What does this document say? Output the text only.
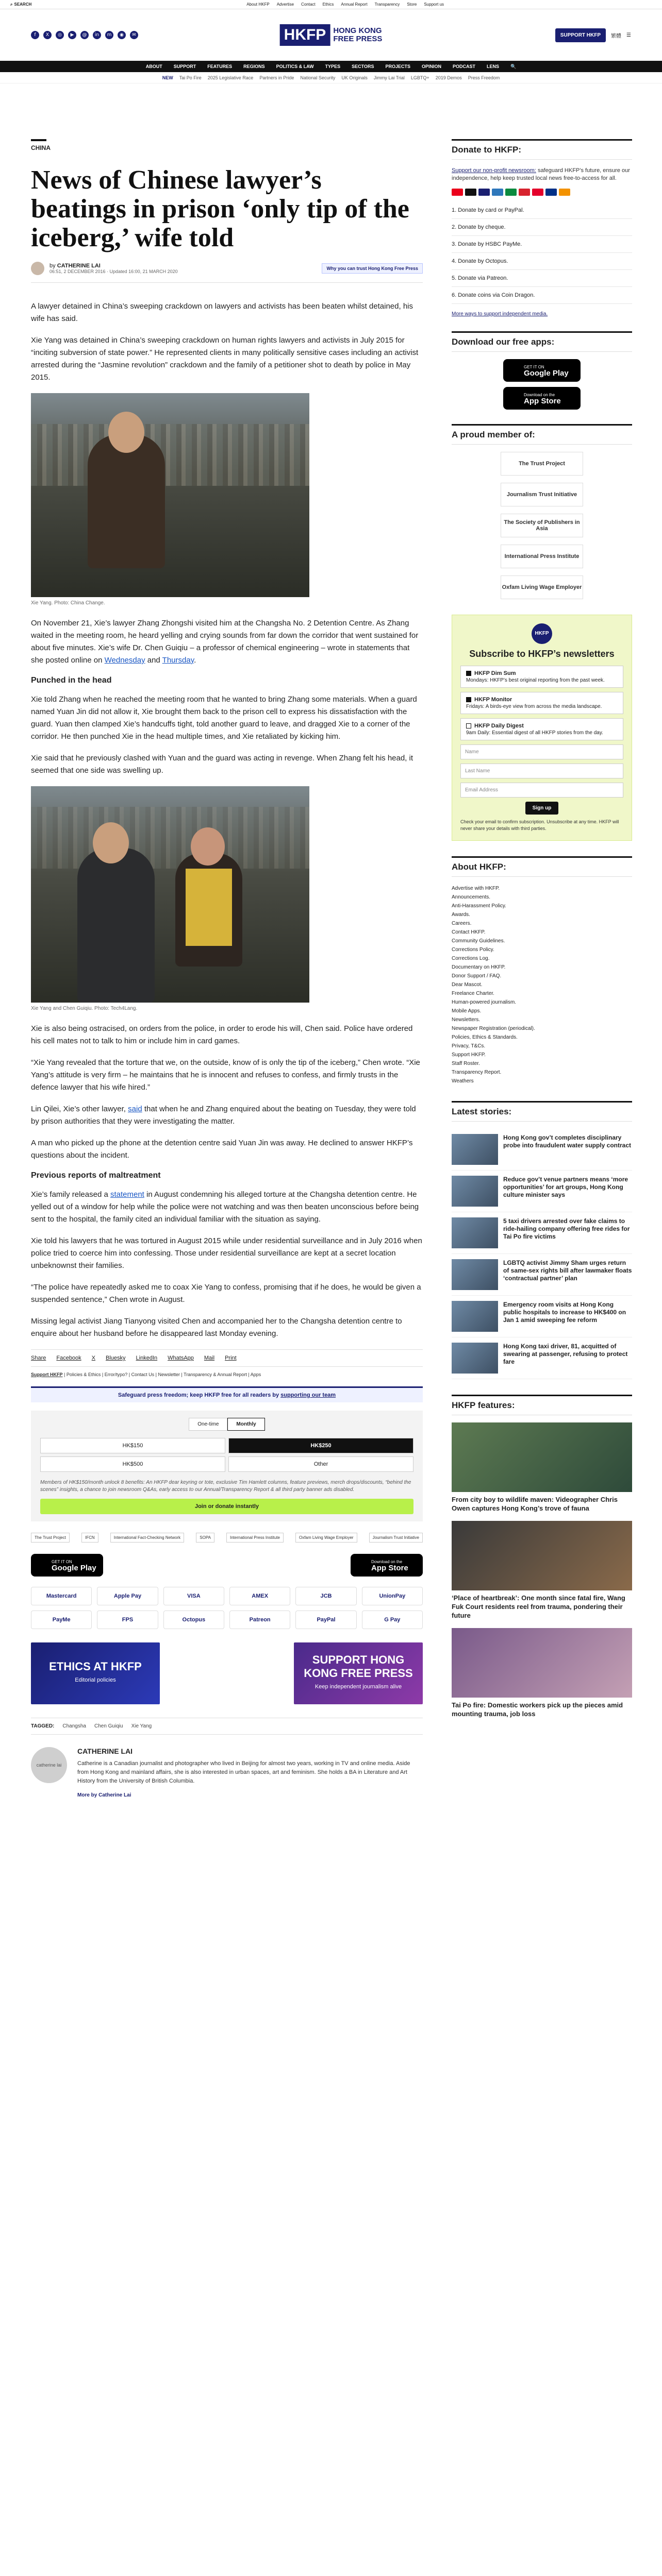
⌕ SEARCH	About HKFP Advertise Contact Ethics Annual Report Transparency Store Support us
f	X	◎	▶	@	in	m	◉	✉	HKFP HONG KONG
FREE PRESS	SUPPORT HKFP	繁體 ☰
ABOUT SUPPORT FEATURES REGIONS POLITICS & LAW TYPES SECTORS PROJECTS OPINION PODCAST LENS 🔍
NEW Tai Po Fire 2025 Legislative Race Partners in Pride National Security UK Originals Jimmy Lai Trial LGBTQ+ 2019 Demos Press Freedom
CHINA
News of Chinese lawyer’s beatings in prison ‘only tip of the iceberg,’ wife told
by CATHERINE LAI
06:51, 2 DECEMBER 2016 · Updated 16:00, 21 MARCH 2020
Why you can trust Hong Kong Free Press

A lawyer detained in China’s sweeping crackdown on lawyers and activists has been beaten whilst detained, his wife has said.

Xie Yang was detained in China’s sweeping crackdown on human rights lawyers and activists in July 2015 for “inciting subversion of state power.” He represented clients in many politically sensitive cases including an activist arrested during the “Jasmine revolution” crackdown and the family of a petitioner shot to death by police in May 2015.

Xie Yang. Photo: China Change.

On November 21, Xie’s lawyer Zhang Zhongshi visited him at the Changsha No. 2 Detention Centre. As Zhang waited in the meeting room, he heard yelling and crying sounds from far down the corridor that went sustained for about five minutes. Xie’s wife Dr. Chen Guiqiu – a professor of chemical engineering – wrote in statements that she posted online on Wednesday and Thursday.

Punched in the head

Xie told Zhang when he reached the meeting room that he wanted to bring Zhang some materials. When a guard named Yuan Jin did not allow it, Xie brought them back to the prison cell to express his dissatisfaction with the guard. Yuan then clamped Xie’s handcuffs tight, told another guard to leave, and dragged Xie to a corner of the corridor. He then punched Xie in the head multiple times, and Xie retaliated by kicking him.

Xie said that he previously clashed with Yuan and the guard was acting in revenge. When Zhang felt his head, it seemed that one side was swelling up.

Xie Yang and Chen Guiqiu. Photo: Tech4Lang.

Xie is also being ostracised, on orders from the police, in order to erode his will, Chen said. Police have ordered his cell mates not to talk to him or include him in card games.

“Xie Yang revealed that the torture that we, on the outside, know of is only the tip of the iceberg,” Chen wrote. “Xie Yang’s attitude is very firm – he maintains that he is innocent and refuses to confess, and firmly trusts in the defence lawyer that his wife hired.”

Lin Qilei, Xie’s other lawyer, said that when he and Zhang enquired about the beating on Tuesday, they were told by prison authorities that they were investigating the matter.

A man who picked up the phone at the detention centre said Yuan Jin was away. He declined to answer HKFP’s questions about the incident.

Previous reports of maltreatment

Xie’s family released a statement in August condemning his alleged torture at the Changsha detention centre. He yelled out of a window for help while the police were not watching and was then beaten unconscious before being sent to the hospital, the family cited an individual familiar with the situation as saying.

Xie told his lawyers that he was tortured in August 2015 while under residential surveillance and in July 2016 when police tried to coerce him into confessing. Those under residential surveillance are kept at a secret location unbeknownst their families.

“The police have repeatedly asked me to coax Xie Yang to confess, promising that if he does, he would be given a suspended sentence,” Chen wrote in August.

Missing legal activist Jiang Tianyong visited Chen and accompanied her to the Changsha detention centre to enquire about her husband before he disappeared last Monday evening.

Share Facebook X Bluesky LinkedIn WhatsApp Mail Print
Support HKFP | Policies & Ethics | Error/typo? | Contact Us | Newsletter | Transparency & Annual Report | Apps
Safeguard press freedom; keep HKFP free for all readers by supporting our team
One-time	Monthly
HK$150	HK$250
HK$500	Other

Members of HK$150/month unlock 8 benefits: An HKFP dear keyring or tote, exclusive Tim Hamlett columns, feature previews, merch drops/discounts, “behind the scenes” insights, a chance to join newsroom Q&As, early access to our Annual/Transparency Report & all third party banner ads disabled.

Join or donate instantly
The Trust Project	IFCN	International Fact-Checking Network	SOPA	International Press Institute	Oxfam Living Wage Employer	Journalism Trust Initiative
GET IT ON
Google Play
Download on the
App Store
Mastercard	Apple Pay	VISA	AMEX	JCB	UnionPay
PayMe	FPS	Octopus	Patreon	PayPal	G Pay
ETHICS AT HKFP
Editorial policies
SUPPORT HONG KONG FREE PRESS
Keep independent journalism alive
TAGGED: Changsha Chen Guiqiu Xie Yang
catherine lai
CATHERINE LAI

Catherine is a Canadian journalist and photographer who lived in Beijing for almost two years, working in TV and online media. Aside from Hong Kong and mainland affairs, she is also interested in urban spaces, art and feminism. She holds a BA in Literature and Art History from the University of British Columbia.

More by Catherine Lai
Donate to HKFP:

Support our non-profit newsroom: safeguard HKFP’s future, ensure our independence, help keep trusted local news free-to-access for all.

1. Donate by card or PayPal.
2. Donate by cheque.
3. Donate by HSBC PayMe.
4. Donate by Octopus.
5. Donate via Patreon.
6. Donate coins via Coin Dragon.
More ways to support independent media.
Download our free apps:
GET IT ON
Google Play
Download on the
App Store
A proud member of:
The Trust Project
Journalism Trust Initiative
The Society of Publishers in Asia
International Press Institute
Oxfam Living Wage Employer
HKFP
Subscribe to HKFP’s newsletters
HKFP Dim Sum
Mondays: HKFP’s best original reporting from the past week.
HKFP Monitor
Fridays: A birds-eye view from across the media landscape.
HKFP Daily Digest
9am Daily: Essential digest of all HKFP stories from the day.
Name
Last Name
Email Address
Sign up

Check your email to confirm subscription. Unsubscribe at any time. HKFP will never share your details with third parties.

About HKFP:
Advertise with HKFP.
Announcements.
Anti-Harassment Policy.
Awards.
Careers.
Contact HKFP.
Community Guidelines.
Corrections Policy.
Corrections Log.
Documentary on HKFP.
Donor Support / FAQ.
Dear Mascot.
Freelance Charter.
Human-powered journalism.
Mobile Apps.
Newsletters.
Newspaper Registration (periodical).
Policies, Ethics & Standards.
Privacy, T&Cs.
Support HKFP.
Staff Roster.
Transparency Report.
Weathers
Latest stories:
Hong Kong gov’t completes disciplinary probe into fraudulent water supply contract
Reduce gov’t venue partners means ‘more opportunities’ for art groups, Hong Kong culture minister says
5 taxi drivers arrested over fake claims to ride-hailing company offering free rides for Tai Po fire victims
LGBTQ activist Jimmy Sham urges return of same-sex rights bill after lawmaker floats ‘contractual partner’ plan
Emergency room visits at Hong Kong public hospitals to increase to HK$400 on Jan 1 amid sweeping fee reform
Hong Kong taxi driver, 81, acquitted of swearing at passenger, refusing to protect fare
HKFP features:
From city boy to wildlife maven: Videographer Chris Owen captures Hong Kong’s trove of fauna
‘Place of heartbreak’: One month since fatal fire, Wang Fuk Court residents reel from trauma, pondering their future
Tai Po fire: Domestic workers pick up the pieces amid mounting trauma, job loss
